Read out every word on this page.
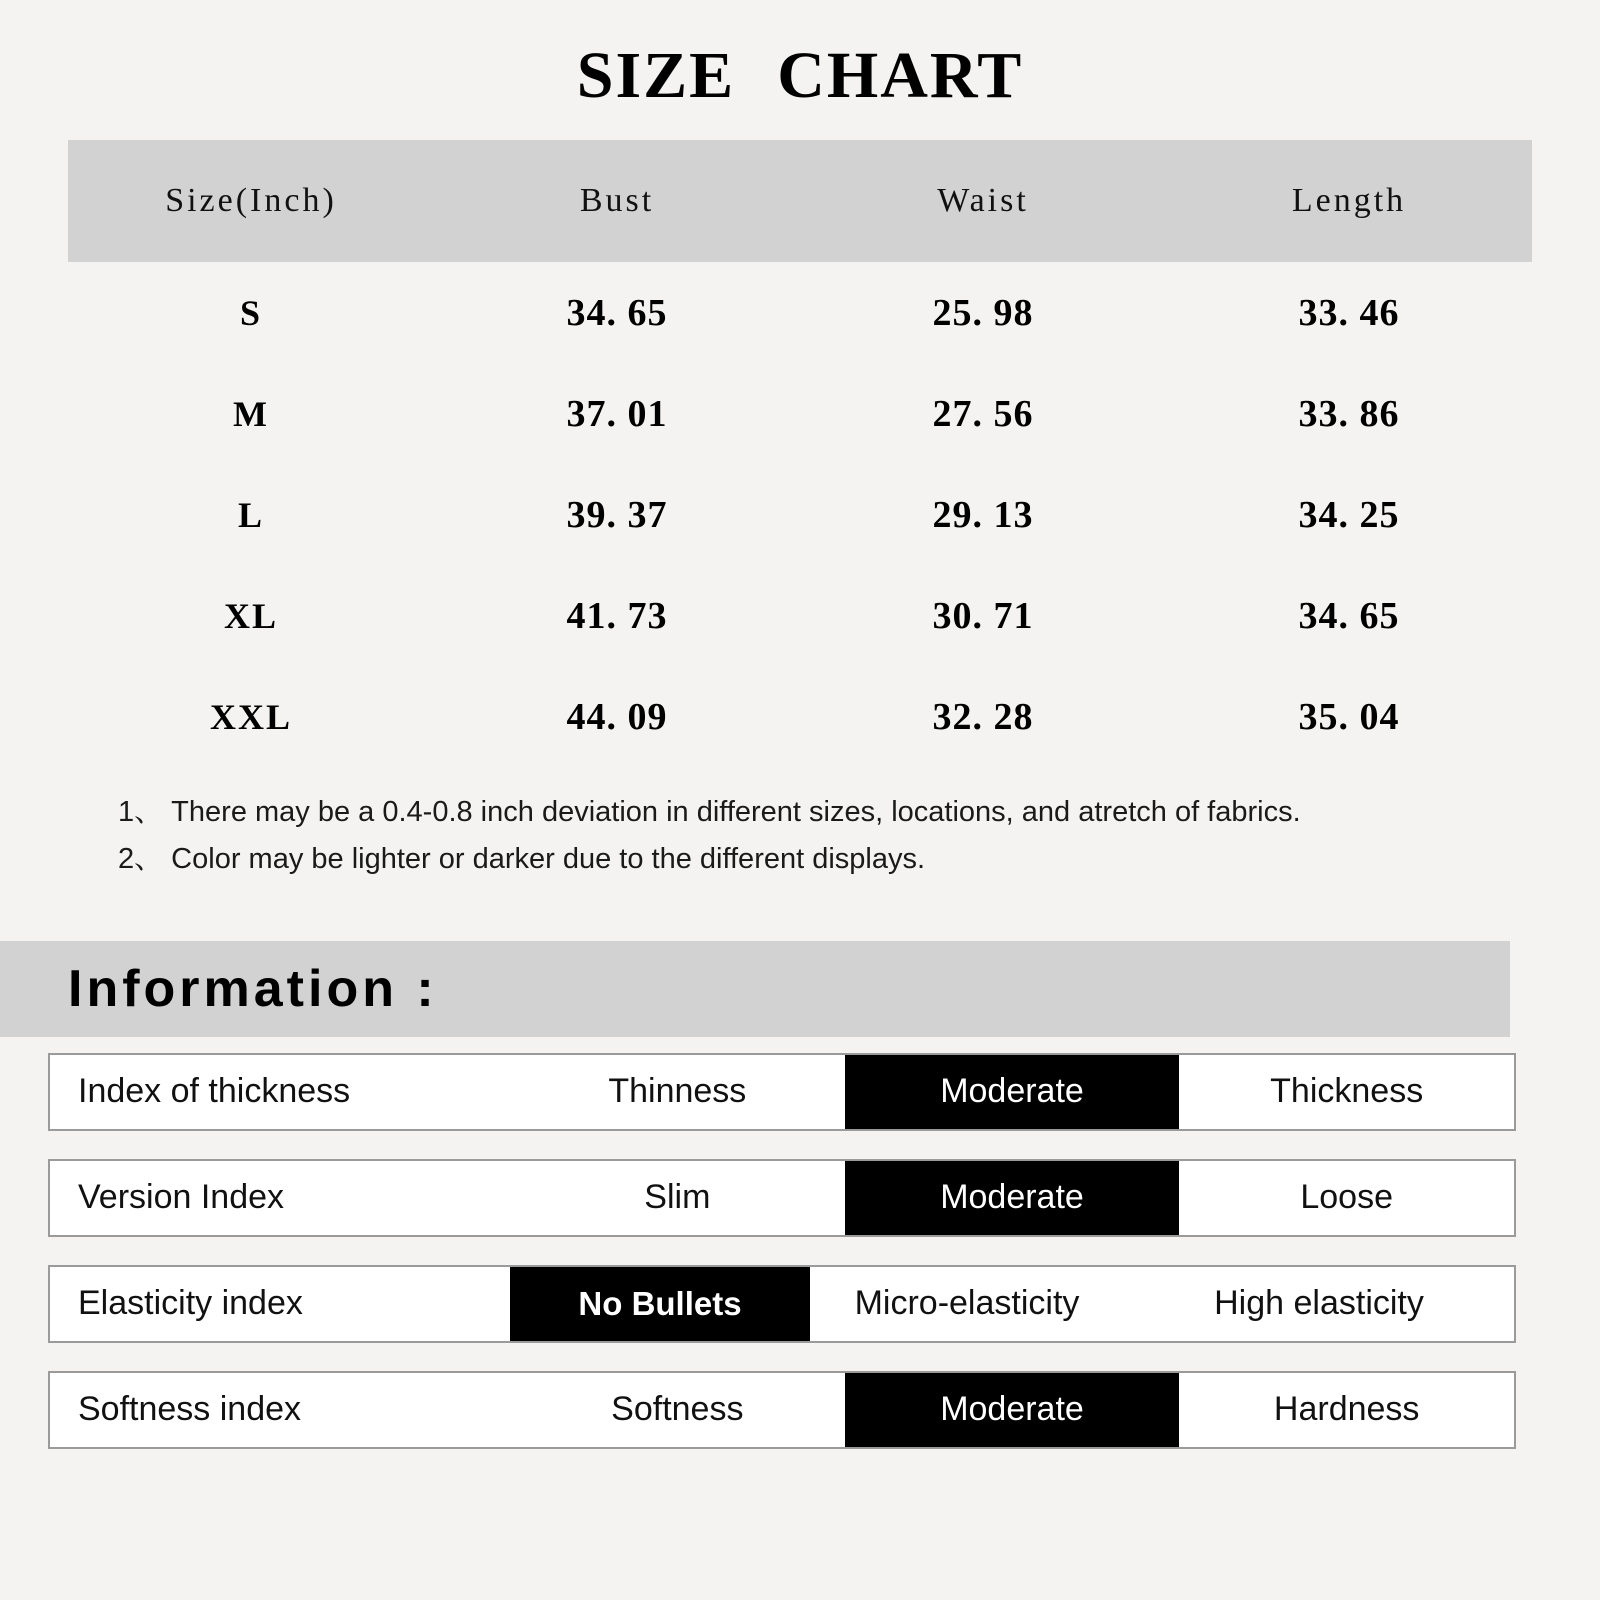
SIZE CHART
Size(Inch)	Bust	Waist	Length
S	34. 65	25. 98	33. 46
M	37. 01	27. 56	33. 86
L	39. 37	29. 13	34. 25
XL	41. 73	30. 71	34. 65
XXL	44. 09	32. 28	35. 04
1、 There may be a 0.4-0.8 inch deviation in different sizes, locations, and atretch of fabrics.
2、 Color may be lighter or darker due to the different displays.
Information :
Index of thickness	Thinness	Moderate	Thickness
Version Index	Slim	Moderate	Loose
Elasticity index	No Bullets	Micro-elasticity	High elasticity
Softness index	Softness	Moderate	Hardness
